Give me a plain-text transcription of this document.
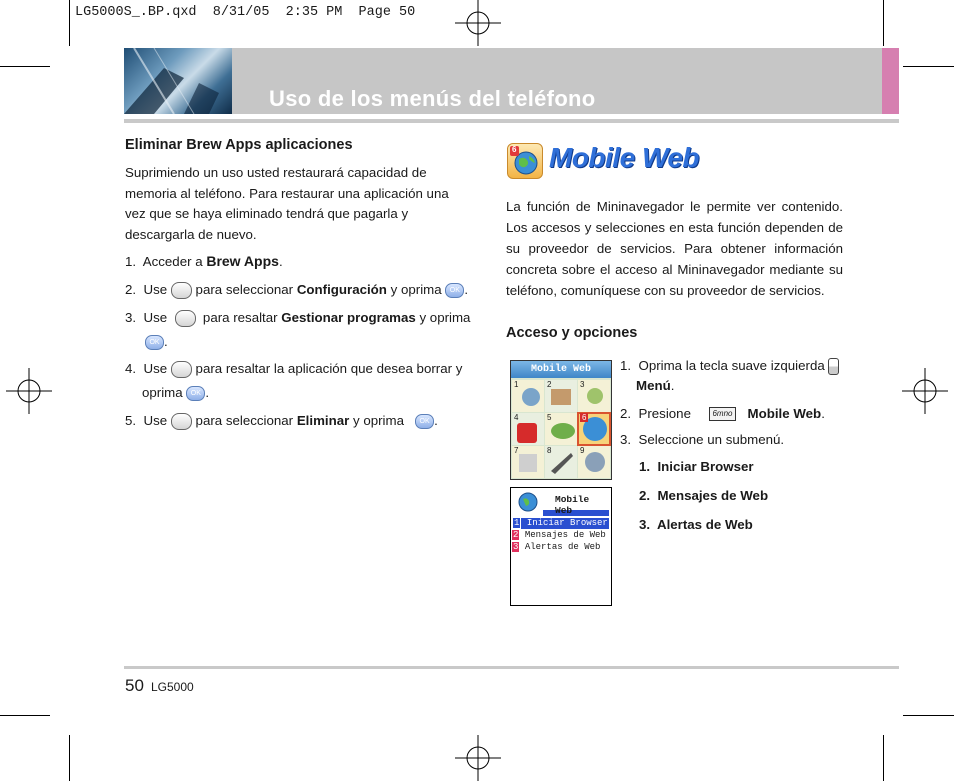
LG5000S_.BP.qxd  8/31/05  2:35 PM  Page 50
Uso de los menús del teléfono
Eliminar Brew Apps aplicaciones
Suprimiendo un uso usted restaurará capacidad de
memoria al teléfono. Para restaurar una aplicación una
vez que se haya eliminado tendrá que pagarla y
descargarla de nuevo.
1. Acceder a Brew Apps.
2. Use para seleccionar Configuración y oprima OK .
3. Use	para resaltar Gestionar programas y oprima
OK .
4. Use para resaltar la aplicación que desea borrar y
oprima OK .
5. Use para seleccionar Eliminar y oprima OK .
6 Mobile Web
La función de Mininavegador le permite ver contenido. Los accesos y selecciones en esta función dependen de su proveedor de servicios. Para obtener información concreta sobre el acceso al Mininavegador mediante su teléfono, comuníquese con su proveedor de servicios.
Acceso y opciones
Mobile Web
1	2	3
4	5	6
7	8	9
Mobile Web
1 Iniciar Browser
2 Mensajes de Web
3 Alertas de Web
1. Oprima la tecla suave izquierda
Menú.
2. Presione	6mno Mobile Web.
3. Seleccione un submenú.
1.  Iniciar Browser
2.  Mensajes de Web
3.  Alertas de Web
50 LG5000
